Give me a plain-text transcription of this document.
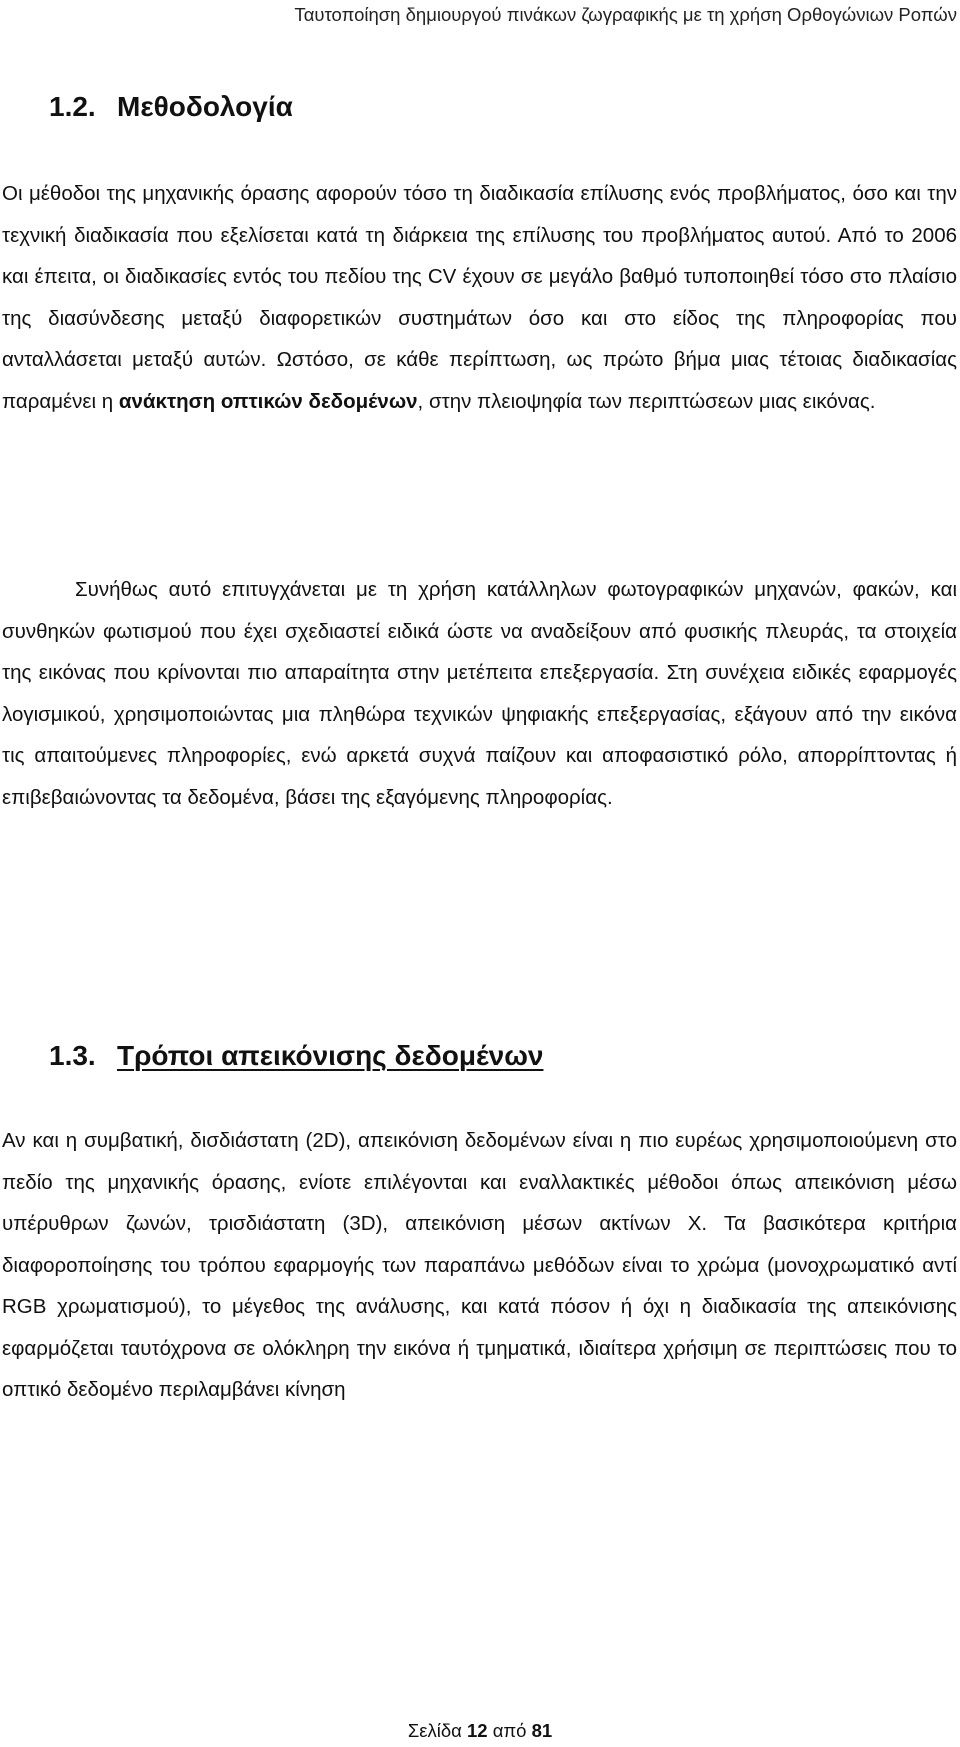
Ταυτοποίηση δημιουργού πινάκων ζωγραφικής με τη χρήση Ορθογώνιων Ροπών
1.2. Μεθοδολογία

Οι μέθοδοι της μηχανικής όρασης αφορούν τόσο τη διαδικασία επίλυσης ενός προβλήματος, όσο και την τεχνική διαδικασία που εξελίσεται κατά τη διάρκεια της επίλυσης του προβλήματος αυτού. Από το 2006 και έπειτα, οι διαδικασίες εντός του πεδίου της CV έχουν σε μεγάλο βαθμό τυποποιηθεί τόσο στο πλαίσιο της διασύνδεσης μεταξύ διαφορετικών συστημάτων όσο και στο είδος της πληροφορίας που ανταλλάσεται μεταξύ αυτών. Ωστόσο, σε κάθε περίπτωση, ως πρώτο βήμα μιας τέτοιας διαδικασίας παραμένει η ανάκτηση οπτικών δεδομένων, στην πλειοψηφία των περιπτώσεων μιας εικόνας.

Συνήθως αυτό επιτυγχάνεται με τη χρήση κατάλληλων φωτογραφικών μηχανών, φακών, και συνθηκών φωτισμού που έχει σχεδιαστεί ειδικά ώστε να αναδείξουν από φυσικής πλευράς, τα στοιχεία της εικόνας που κρίνονται πιο απαραίτητα στην μετέπειτα επεξεργασία. Στη συνέχεια ειδικές εφαρμογές λογισμικού, χρησιμοποιώντας μια πληθώρα τεχνικών ψηφιακής επεξεργασίας, εξάγουν από την εικόνα τις απαιτούμενες πληροφορίες, ενώ αρκετά συχνά παίζουν και αποφασιστικό ρόλο, απορρίπτοντας ή επιβεβαιώνοντας τα δεδομένα, βάσει της εξαγόμενης πληροφορίας.

1.3. Τρόποι απεικόνισης δεδομένων

Αν και η συμβατική, δισδιάστατη (2D), απεικόνιση δεδομένων είναι η πιο ευρέως χρησιμοποιούμενη στο πεδίο της μηχανικής όρασης, ενίοτε επιλέγονται και εναλλακτικές μέθοδοι όπως απεικόνιση μέσω υπέρυθρων ζωνών, τρισδιάστατη (3D), απεικόνιση μέσων ακτίνων Χ. Τα βασικότερα κριτήρια διαφοροποίησης του τρόπου εφαρμογής των παραπάνω μεθόδων είναι το χρώμα (μονοχρωματικό αντί RGB χρωματισμού), το μέγεθος της ανάλυσης, και κατά πόσον ή όχι η διαδικασία της απεικόνισης εφαρμόζεται ταυτόχρονα σε ολόκληρη την εικόνα ή τμηματικά, ιδιαίτερα χρήσιμη σε περιπτώσεις που το οπτικό δεδομένο περιλαμβάνει κίνηση

Σελίδα 12 από 81
